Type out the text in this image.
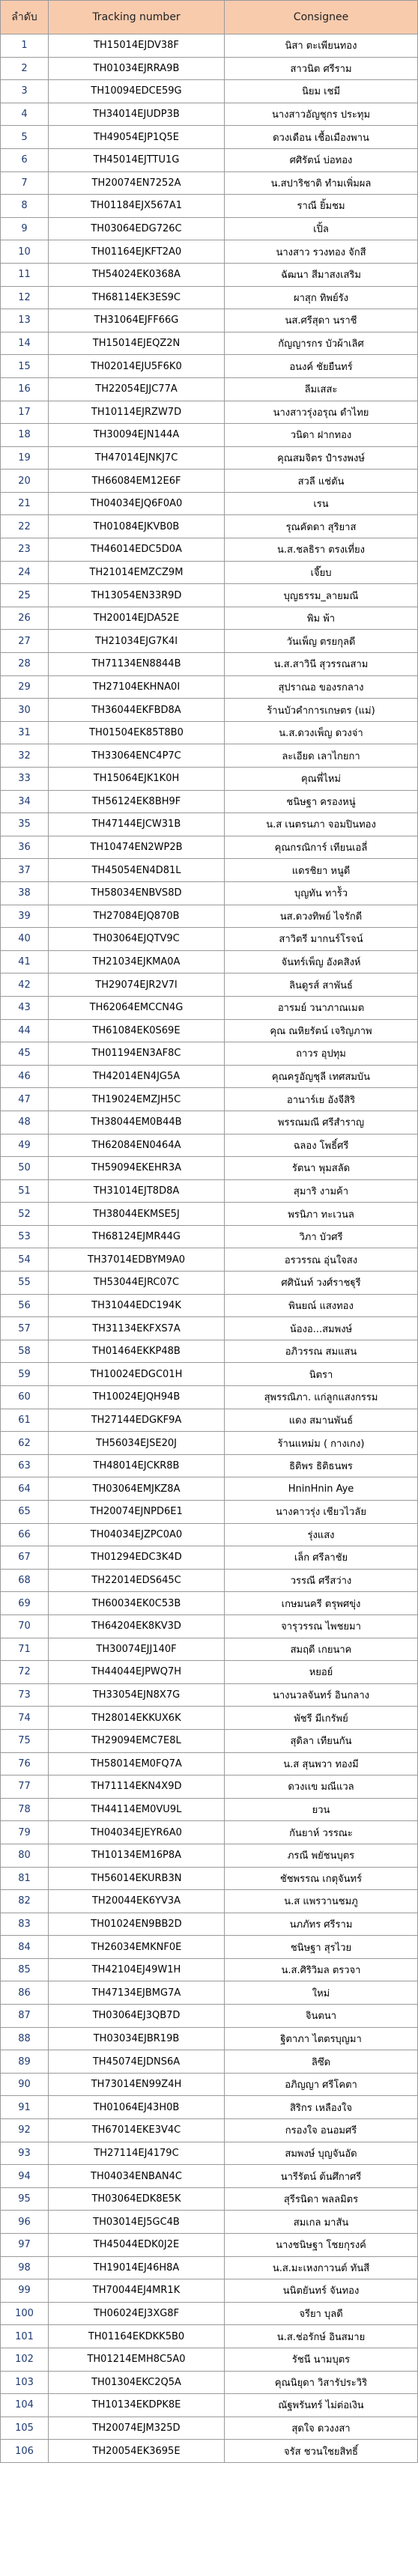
ลำดับ	Tracking number	Consignee
1	TH15014EJDV38F	นิสา ตะเพียนทอง
2	TH01034EJRRA9B	สาวนิต ศรีราม
3	TH10094EDCE59G	นิยม เชมี
4	TH34014EJUDP3B	นางสาวอัญชุกร ประทุม
5	TH49054EJP1Q5E	ดวงเดือน เชื้อเมืองพาน
6	TH45014EJTTU1G	ศศิรัตน์ บ่อทอง
7	TH20074EN7252A	น.สปาริชาติ ทำมเพิ่มผล
8	TH01184EJX567A1	ราณี ยิ้มชม
9	TH03064EDG726C	เปิ้ล
10	TH01164EJKFT2A0	นางสาว รวงทอง จักสี
11	TH54024EK0368A	ฉัฒนา สีมาสงเสริม
12	TH68114EK3ES9C	ผาสุก ทิพย์รัง
13	TH31064EJFF66G	นส.ศรีสุดา นราชี
14	TH15014EJEQZ2N	กัญญารกร บัวผ้าเลิศ
15	TH02014EJU5F6K0	อนงค์ ชัยยืนทร์
16	TH22054EJJC77A	ลีมเสสะ
17	TH10114EJRZW7D	นางสาวรุ่งอรุณ ดำไทย
18	TH30094EJN144A	วนิดา ฝากทอง
19	TH47014EJNKJ7C	คุณสมจิตร ปำรงพงษ์
20	TH66084EM12E6F	สวลี แช่ตัน
21	TH04034EJQ6F0A0	เรน
22	TH01084EJKVB0B	รุณคัดดา สุริยาส
23	TH46014EDC5D0A	น.ส.ชลธิรา ตรงเที่ยง
24	TH21014EMZCZ9M	เจี๊ยบ
25	TH13054EN33R9D	บุญธรรม_ลายมณี
26	TH20014EJDA52E	พิม พ้า
27	TH21034EJG7K4I	วันเพ็ญ ตรยกุลดี
28	TH71134EN8844B	น.ส.สาวินี สุวรรณสาม
29	TH27104EKHNA0I	สุปราณอ ของรกลาง
30	TH36044EKFBD8A	ร้านบัวคำการเกษตร (แม่)
31	TH01504EK85T8B0	น.ส.ดวงเพ็ญ ดวงจ่า
32	TH33064ENC4P7C	ละเอียด เลาไกยกา
33	TH15064EJK1K0H	คุณพี่ไหม่
34	TH56124EK8BH9F	ชนิษฐา ครองหนู่
35	TH47144EJCW31B	น.ส เนตรนภา จอมปินทอง
36	TH10474EN2WP2B	คุณกรณิการ์ เทียนเอลี่
37	TH45054EN4D81L	แดรชิยา หนูดี
38	TH58034ENBVS8D	บุญทัน ทาร้ัว
39	TH27084EJQ870B	นส.ดวงทิพย์ ไจรักดี
40	TH03064EJQTV9C	สาวิตรี มากนร์โรจน์
41	TH21034EJKMA0A	จันทร์เพ็ญ อังคสิงห์
42	TH29074EJR2V7I	ลินดูรส์ สาพันธ์
43	TH62064EMCCN4G	อารมย์ วนาภาณเมต
44	TH61084EK0S69E	คุณ ณหิยรัตน์ เจริญภาพ
45	TH01194EN3AF8C	ถาวร อุปทุม
46	TH42014EN4JG5A	คุณครูอัญชุลี เทศสมบัน
47	TH19024EMZJH5C	อานาร์เย อังจีสิริ
48	TH38044EM0B44B	พรรณมณี ศรีสำราญ
49	TH62084EN0464A	ฉลอง โพธิ์ศรี
50	TH59094EKEHR3A	รัตนา พุมสลัด
51	TH31014EJT8D8A	สุมาริ งามค้า
52	TH38044EKMSE5J	พรนิภา ทะเวนล
53	TH68124EJMR44G	วิภา บัวศรี
54	TH37014EDBYM9A0	อรวรรณ อุ่นใจสง
55	TH53044EJRC07C	ศศินันท์ วงศ์ราชฐุรี
56	TH31044EDC194K	พินยณ์ แสงทอง
57	TH31134EKFXS7A	น้องอ...สมพงษ์
58	TH01464EKKP48B	อภิวรรณ สมแสน
59	TH10024EDGC01H	นิตรา
60	TH10024EJQH94B	สุพรรณิภา. แก่ลูกแสงกรรม
61	TH27144EDGKF9A	แดง สมานพันธ์
62	TH56034EJSE20J	ร้านแหม่ม ( กางเกง)
63	TH48014EJCKR8B	ธิติพร ธิติธนพร
64	TH03064EMJKZ8A	HninHnin Aye
65	TH20074EJNPD6E1	นางคาวรุ่ง เชียวไวลัย
66	TH04034EJZPC0A0	รุ่งแสง
67	TH01294EDC3K4D	เล็ก ศรีลาชัย
68	TH22014EDS645C	วรรณี ศรีสว่าง
69	TH60034EK0C53B	เกษมนครี ตรุพศขุ่ง
70	TH64204EK8KV3D	จารุวรรณ ไพชยมา
71	TH30074EJJ140F	สมฤดี เกยนาค
72	TH44044EJPWQ7H	หยอย์
73	TH33054EJN8X7G	นางนวลจันทร์ อินกลาง
74	TH28014EKKUX6K	พัชรี มีเกรัพย์
75	TH29094EMC7E8L	สุดิลา เทียนกัน
76	TH58014EM0FQ7A	น.ส สุนพวา ทองมี
77	TH71114EKN4X9D	ดวงเเข มณีแวล
78	TH44114EM0VU9L	ยวน
79	TH04034EJEYR6A0	กันยาห์ วรรณะ
80	TH10134EM16P8A	ภรณี พยัชนบุตร
81	TH56014EKURB3N	ชัชพรรณ เกตุจันทร์
82	TH20044EK6YV3A	น.ส แพรวานชมภู
83	TH01024EN9BB2D	นภภัทร ศรีราม
84	TH26034EMKNF0E	ชนิษฐา สุรไวย
85	TH42104EJ49W1H	น.ส.ศิริวิมล ตรวจา
86	TH47134EJBMG7A	ใหม่
87	TH03064EJ3QB7D	จินตนา
88	TH03034EJBR19B	ฐิตาภา ไตตรบุญมา
89	TH45074EJDNS6A	ลิซึด
90	TH73014EN99Z4H	อภิญญา ศรีโคตา
91	TH01064EJ43H0B	สิริกร เหลืองใจ
92	TH67014EKE3V4C	กรองใจ อนอมศรี
93	TH27114EJ4179C	สมพงษ์ บุญจันอัด
94	TH04034ENBAN4C	นารีรัตน์ ต้นศึกาศรี
95	TH03064EDK8E5K	สุรีรนิดา พลลมิตร
96	TH03014EJ5GC4B	สมเกล มาสัน
97	TH45044EDK0J2E	นางชนิษฐา โชยกุรงค์
98	TH19014EJ46H8A	น.ส.มะเหงกาวนต์ ทันสี
99	TH70044EJ4MR1K	นนิตยันทร์ จันทอง
100	TH06024EJ3XG8F	จรียา บุลดี
101	TH01164EKDKK5B0	น.ส.ช่อรักษ์ อินสมาย
102	TH01214EMH8C5A0	รัชนี นามบุตร
103	TH01304EKC2Q5A	คุณนิยุดา วิสารัประวิริ
104	TH10134EKDPK8E	ณัฐพรันทร์ ไม่ต่อเงิน
105	TH20074EJM325D	สุดใจ ดวงงสา
106	TH20054EK3695E	จรัส ชวนใชยสิทธิ์
